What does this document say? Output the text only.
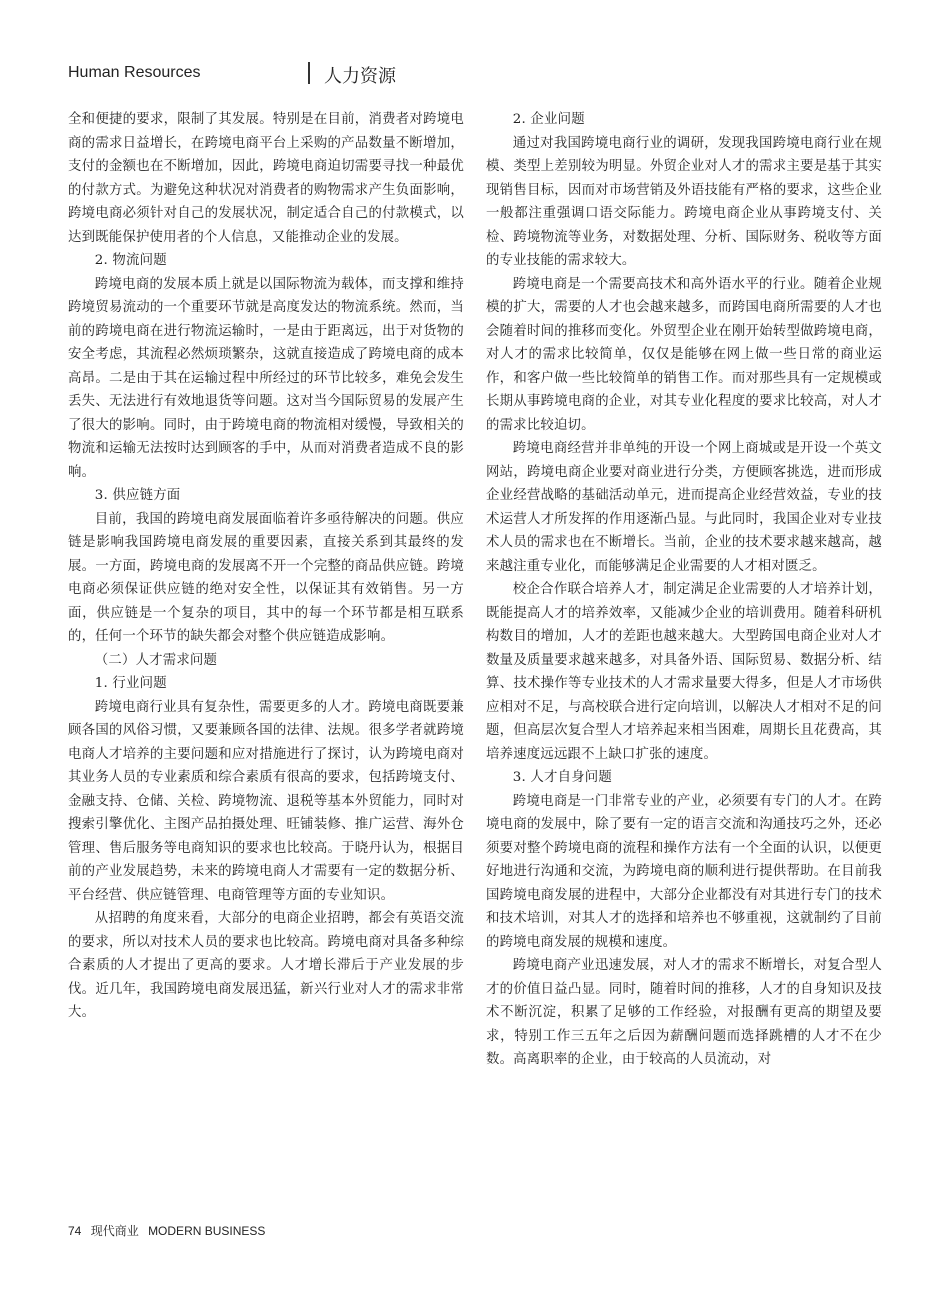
Human Resources	人力资源

全和便捷的要求，限制了其发展。特别是在目前，消费者对跨境电商的需求日益增长，在跨境电商平台上采购的产品数量不断增加，支付的金额也在不断增加，因此，跨境电商迫切需要寻找一种最优的付款方式。为避免这种状况对消费者的购物需求产生负面影响，跨境电商必须针对自己的发展状况，制定适合自己的付款模式，以达到既能保护使用者的个人信息，又能推动企业的发展。

2. 物流问题

跨境电商的发展本质上就是以国际物流为载体，而支撑和维持跨境贸易流动的一个重要环节就是高度发达的物流系统。然而，当前的跨境电商在进行物流运输时，一是由于距离远，出于对货物的安全考虑，其流程必然烦琐繁杂，这就直接造成了跨境电商的成本高昂。二是由于其在运输过程中所经过的环节比较多，难免会发生丢失、无法进行有效地退货等问题。这对当今国际贸易的发展产生了很大的影响。同时，由于跨境电商的物流相对缓慢，导致相关的物流和运输无法按时达到顾客的手中，从而对消费者造成不良的影响。

3. 供应链方面

目前，我国的跨境电商发展面临着许多亟待解决的问题。供应链是影响我国跨境电商发展的重要因素，直接关系到其最终的发展。一方面，跨境电商的发展离不开一个完整的商品供应链。跨境电商必须保证供应链的绝对安全性，以保证其有效销售。另一方面，供应链是一个复杂的项目，其中的每一个环节都是相互联系的，任何一个环节的缺失都会对整个供应链造成影响。

（二）人才需求问题

1. 行业问题

跨境电商行业具有复杂性，需要更多的人才。跨境电商既要兼顾各国的风俗习惯，又要兼顾各国的法律、法规。很多学者就跨境电商人才培养的主要问题和应对措施进行了探讨，认为跨境电商对其业务人员的专业素质和综合素质有很高的要求，包括跨境支付、金融支持、仓储、关检、跨境物流、退税等基本外贸能力，同时对搜索引擎优化、主图产品拍摄处理、旺铺装修、推广运营、海外仓管理、售后服务等电商知识的要求也比较高。于晓丹认为，根据目前的产业发展趋势，未来的跨境电商人才需要有一定的数据分析、平台经营、供应链管理、电商管理等方面的专业知识。

从招聘的角度来看，大部分的电商企业招聘，都会有英语交流的要求，所以对技术人员的要求也比较高。跨境电商对具备多种综合素质的人才提出了更高的要求。人才增长滞后于产业发展的步伐。近几年，我国跨境电商发展迅猛，新兴行业对人才的需求非常大。

2. 企业问题

通过对我国跨境电商行业的调研，发现我国跨境电商行业在规模、类型上差别较为明显。外贸企业对人才的需求主要是基于其实现销售目标，因而对市场营销及外语技能有严格的要求，这些企业一般都注重强调口语交际能力。跨境电商企业从事跨境支付、关检、跨境物流等业务，对数据处理、分析、国际财务、税收等方面的专业技能的需求较大。

跨境电商是一个需要高技术和高外语水平的行业。随着企业规模的扩大，需要的人才也会越来越多，而跨国电商所需要的人才也会随着时间的推移而变化。外贸型企业在刚开始转型做跨境电商，对人才的需求比较简单，仅仅是能够在网上做一些日常的商业运作，和客户做一些比较简单的销售工作。而对那些具有一定规模或长期从事跨境电商的企业，对其专业化程度的要求比较高，对人才的需求比较迫切。

跨境电商经营并非单纯的开设一个网上商城或是开设一个英文网站，跨境电商企业要对商业进行分类，方便顾客挑选，进而形成企业经营战略的基础活动单元，进而提高企业经营效益，专业的技术运营人才所发挥的作用逐渐凸显。与此同时，我国企业对专业技术人员的需求也在不断增长。当前，企业的技术要求越来越高，越来越注重专业化，而能够满足企业需要的人才相对匮乏。

校企合作联合培养人才，制定满足企业需要的人才培养计划，既能提高人才的培养效率，又能减少企业的培训费用。随着科研机构数目的增加，人才的差距也越来越大。大型跨国电商企业对人才数量及质量要求越来越多，对具备外语、国际贸易、数据分析、结算、技术操作等专业技术的人才需求量要大得多，但是人才市场供应相对不足，与高校联合进行定向培训，以解决人才相对不足的问题，但高层次复合型人才培养起来相当困难，周期长且花费高，其培养速度远远跟不上缺口扩张的速度。

3. 人才自身问题

跨境电商是一门非常专业的产业，必须要有专门的人才。在跨境电商的发展中，除了要有一定的语言交流和沟通技巧之外，还必须要对整个跨境电商的流程和操作方法有一个全面的认识，以便更好地进行沟通和交流，为跨境电商的顺利进行提供帮助。在目前我国跨境电商发展的进程中，大部分企业都没有对其进行专门的技术和技术培训，对其人才的选择和培养也不够重视，这就制约了目前的跨境电商发展的规模和速度。

跨境电商产业迅速发展，对人才的需求不断增长，对复合型人才的价值日益凸显。同时，随着时间的推移，人才的自身知识及技术不断沉淀，积累了足够的工作经验，对报酬有更高的期望及要求，特别工作三五年之后因为薪酬问题而选择跳槽的人才不在少数。高离职率的企业，由于较高的人员流动，对

74 现代商业 MODERN BUSINESS
